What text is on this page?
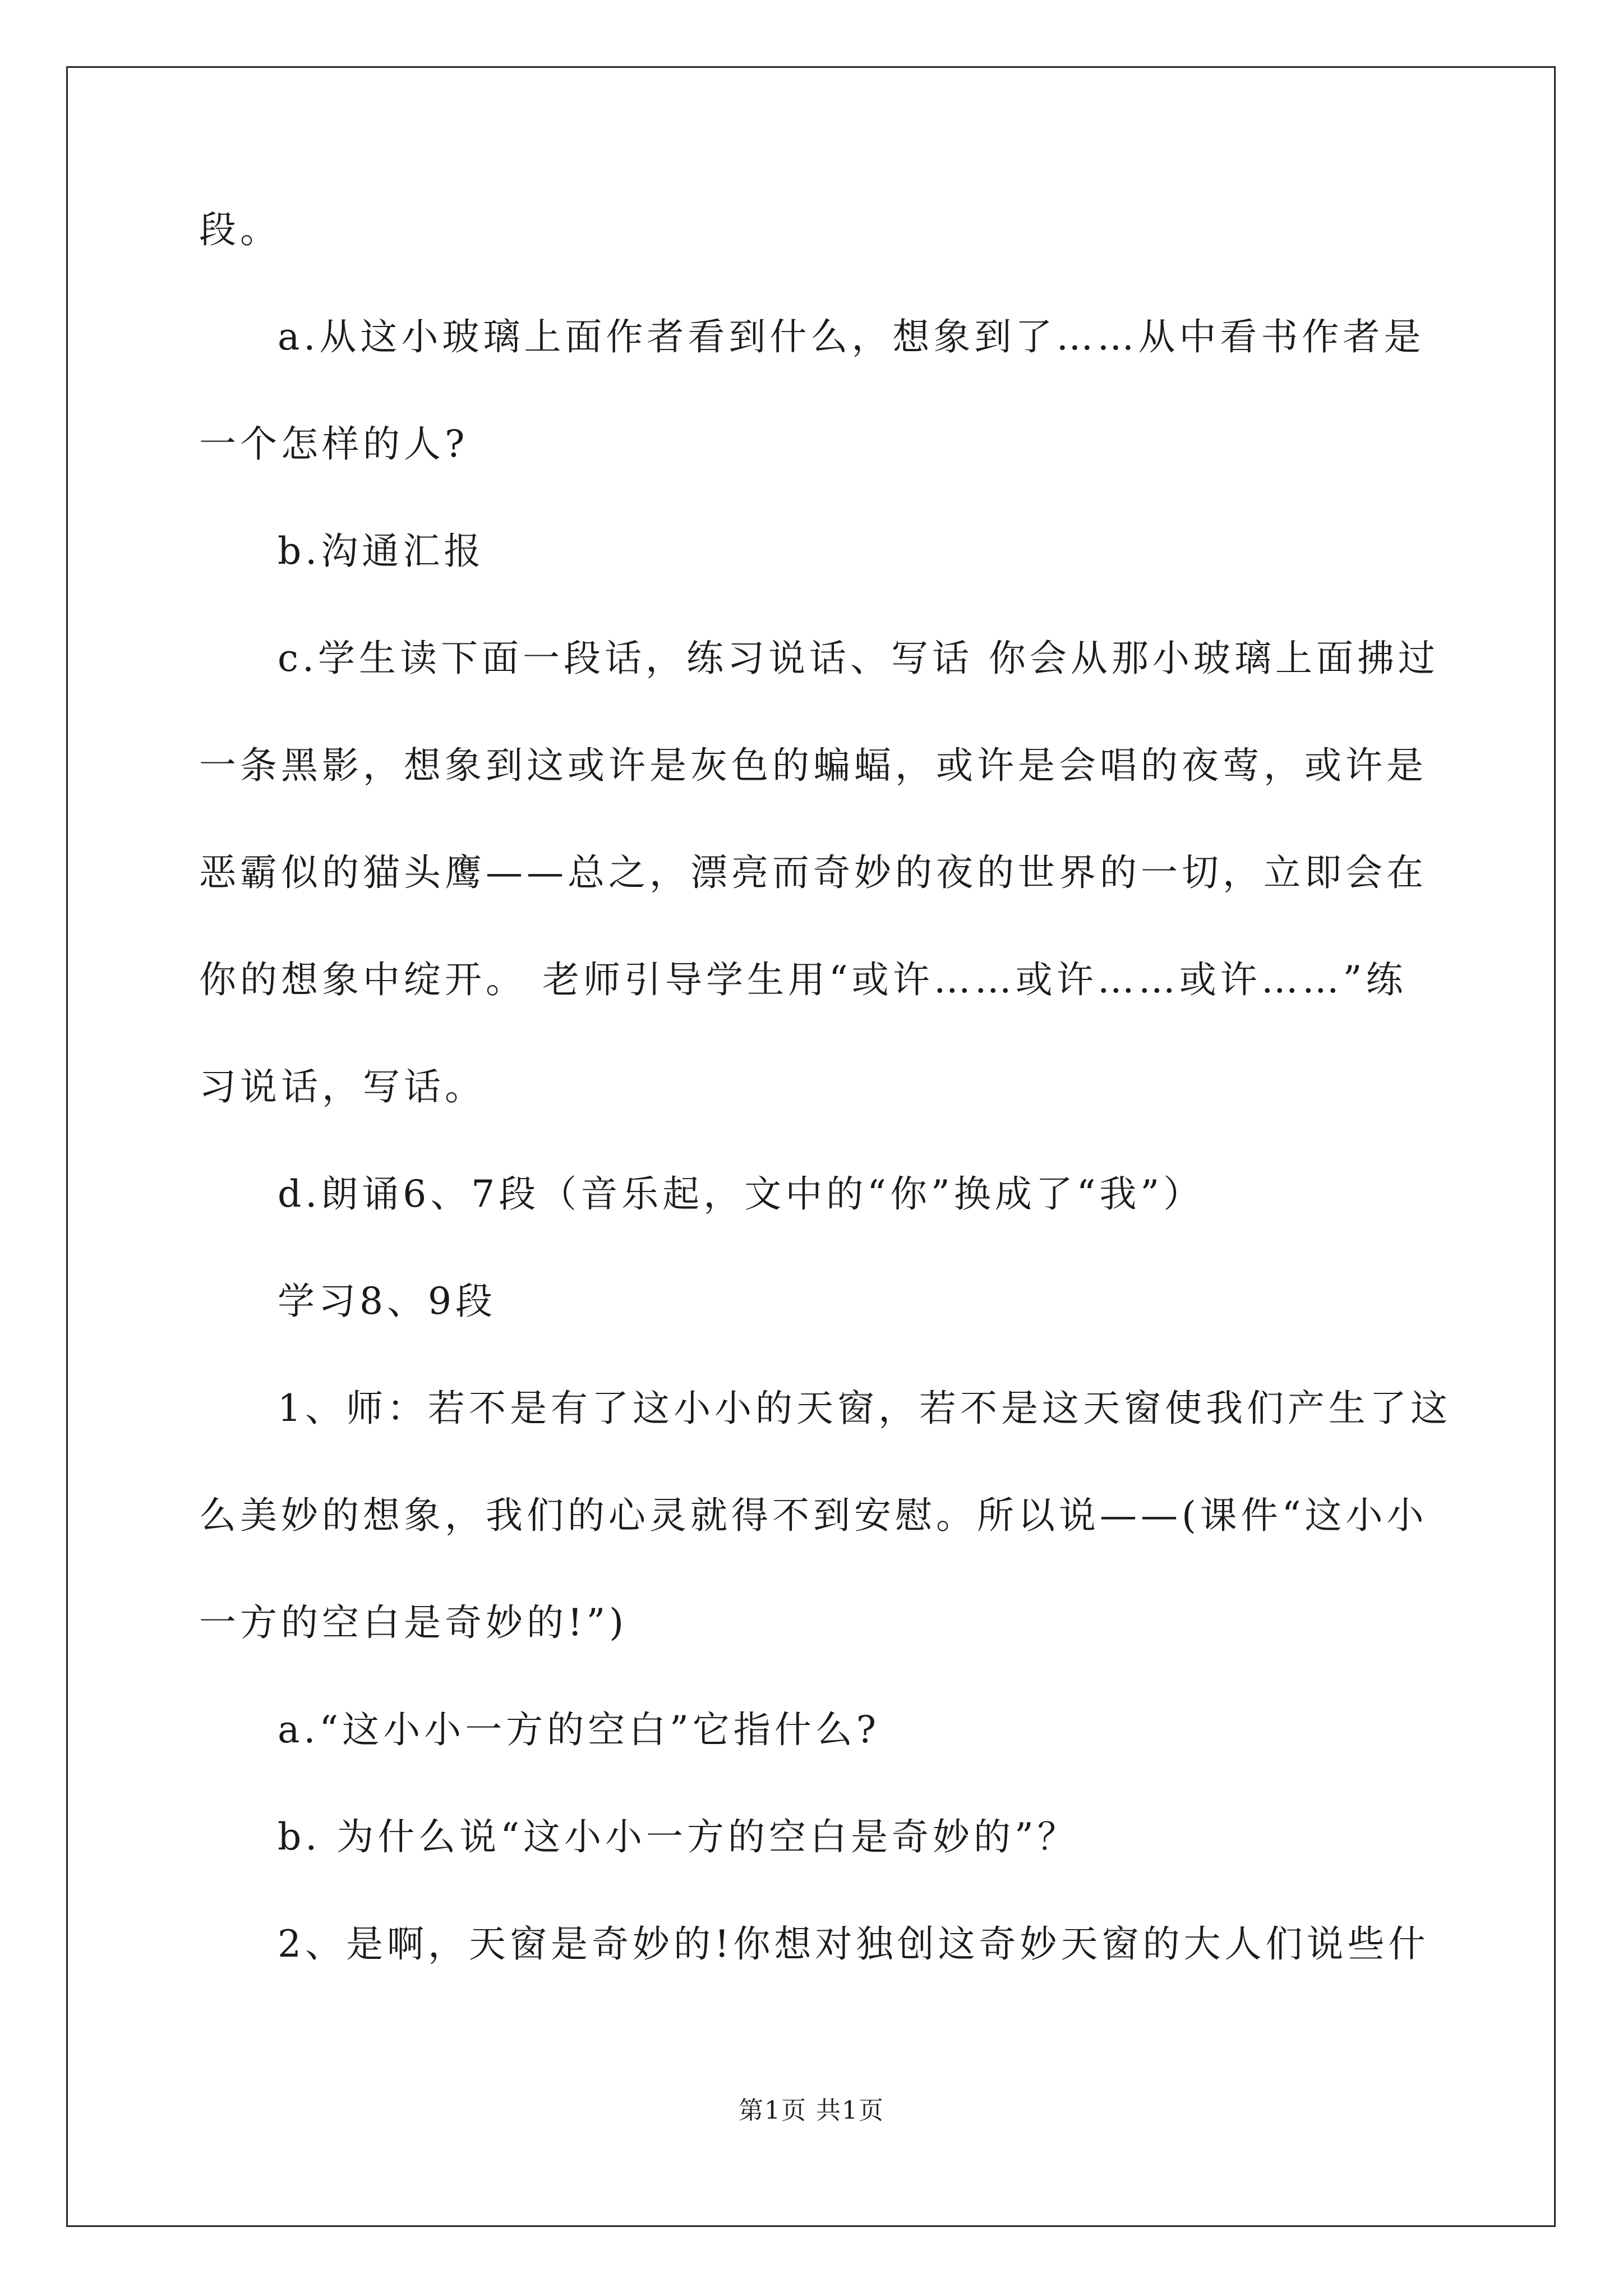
段。
a.从这小玻璃上面作者看到什么，想象到了……从中看书作者是
一个怎样的人?
b.沟通汇报
c.学生读下面一段话，练习说话、写话 你会从那小玻璃上面拂过
一条黑影，想象到这或许是灰色的蝙蝠，或许是会唱的夜莺，或许是
恶霸似的猫头鹰——总之，漂亮而奇妙的夜的世界的一切，立即会在
你的想象中绽开。 老师引导学生用“或许……或许……或许……”练
习说话，写话。
d.朗诵6、7段（音乐起，文中的“你”换成了“我”）
学习8、9段
1、师：若不是有了这小小的天窗，若不是这天窗使我们产生了这
么美妙的想象，我们的心灵就得不到安慰。所以说——(课件“这小小
一方的空白是奇妙的!”)
a.“这小小一方的空白”它指什么?
b. 为什么说“这小小一方的空白是奇妙的”？
2、是啊，天窗是奇妙的!你想对独创这奇妙天窗的大人们说些什
第1页 共1页
